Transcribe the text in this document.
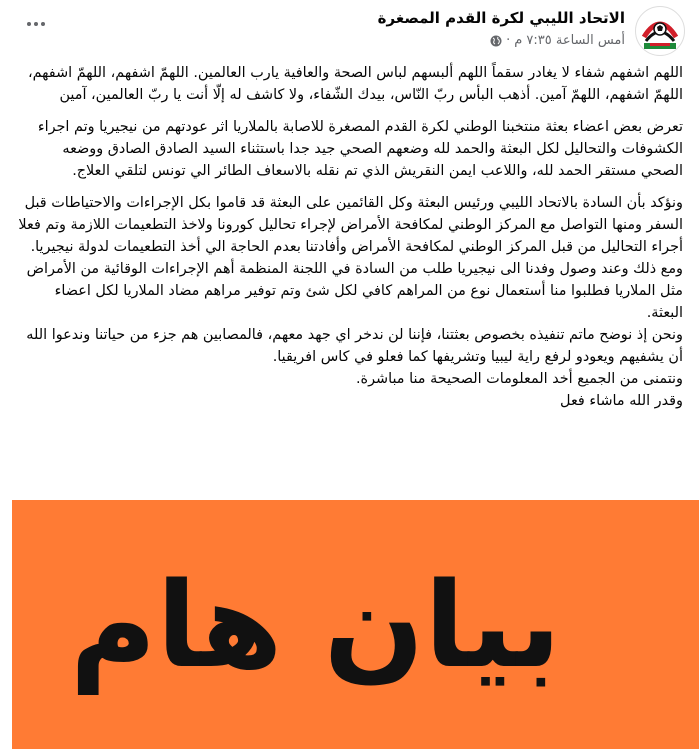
الاتحاد الليبي لكرة القدم المصغرة
أمس الساعة ٧:٣٥ م
·

اللهم اشفهم شفاء لا يغادر سقماً اللهم ألبسهم لباس الصحة والعافية يارب العالمين. اللهمّ اشفهم، اللهمّ اشفهم، اللهمّ اشفهم، اللهمّ آمين. أذهب البأس ربّ النّاس، بيدك الشّفاء، ولا كاشف له إلّا أنت يا ربّ العالمين، آمين

تعرض بعض اعضاء بعثة منتخبنا الوطني لكرة القدم المصغرة للاصابة بالملاريا اثر عودتهم من نيجيريا وتم اجراء الكشوفات والتحاليل لكل البعثة والحمد لله وضعهم الصحي جيد جدا باستثناء السيد الصادق الصادق ووضعه الصحي مستقر الحمد لله، واللاعب ايمن النقريش الذي تم نقله بالاسعاف الطائر الي تونس لتلقي العلاج.

ونؤكد بأن السادة بالاتحاد الليبي ورئيس البعثة وكل القائمين على البعثة قد قاموا بكل الإجراءات والاحتياطات قبل السفر ومنها التواصل مع المركز الوطني لمكافحة الأمراض لإجراء تحاليل كورونا ولاخذ التطعيمات اللازمة وتم فعلا أجراء التحاليل من قبل المركز الوطني لمكافحة الأمراض وأفادتنا بعدم الحاجة الي أخذ التطعيمات لدولة نيجيريا.

ومع ذلك وعند وصول وفدنا الى نيجيريا طلب من السادة في اللجنة المنظمة أهم الإجراءات الوقائية من الأمراض مثل الملاريا فطلبوا منا أستعمال نوع من المراهم كافي لكل شئ وتم توفير مراهم مضاد الملاريا لكل اعضاء البعثة.

ونحن إذ نوضح ماتم تنفيذه بخصوص بعثتنا، فإننا لن ندخر اي جهد معهم، فالمصابين هم جزء من حياتنا وندعوا الله أن يشفيهم ويعودو لرفع راية ليبيا وتشريفها كما فعلو في كاس افريقيا.

ونتمنى من الجميع أخد المعلومات الصحيحة منا مباشرة.

وقدر الله ماشاء فعل

بيان هام
